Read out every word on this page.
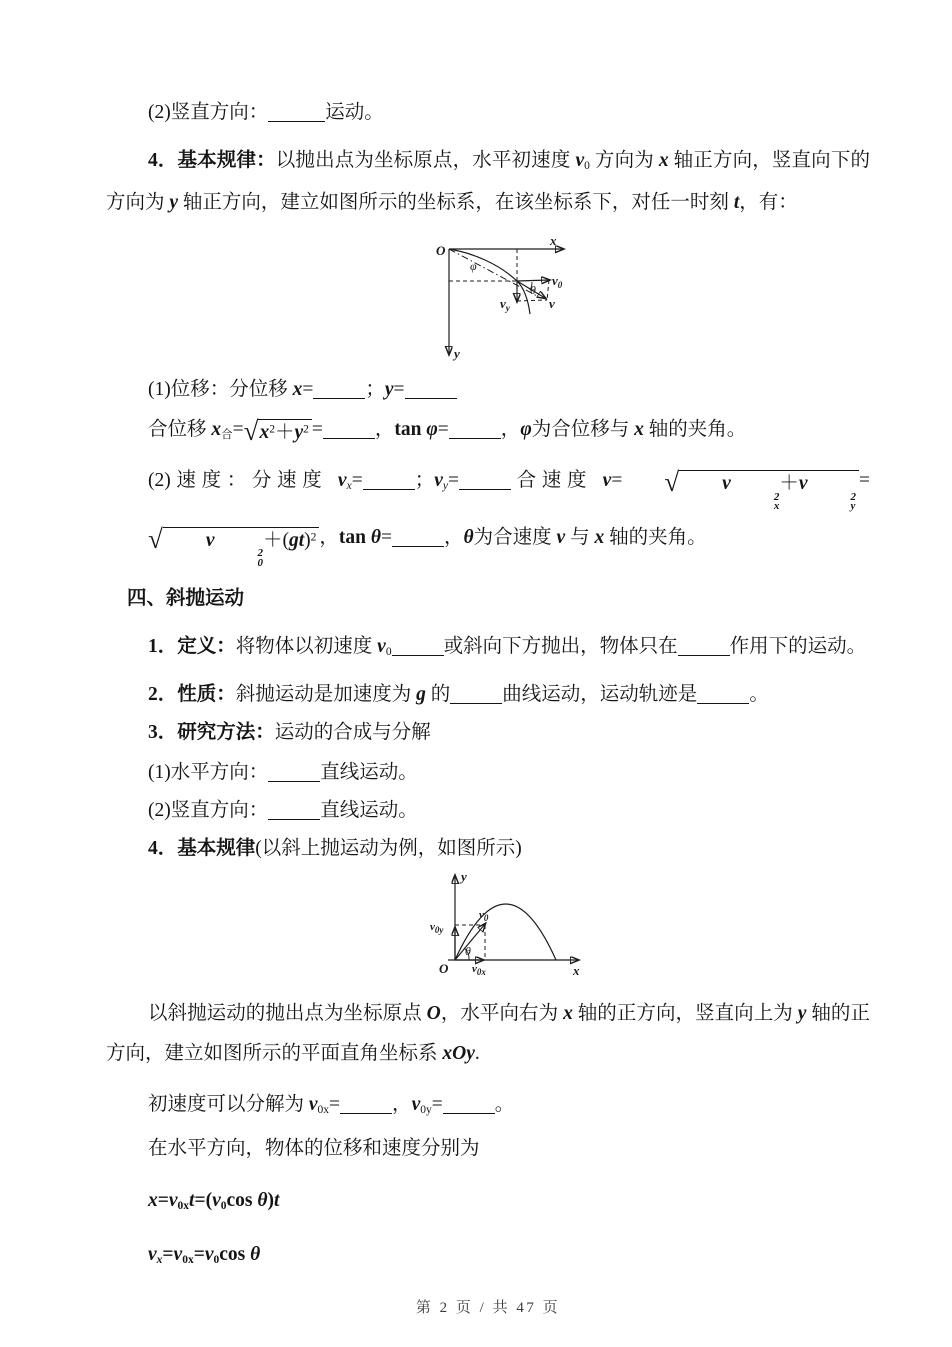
(2)竖直方向：	运动。
4．基本规律：以抛出点为坐标原点，水平初速度 $v_0$ 方向为 x 轴正方向，竖直向下的方向为 y 轴正方向，建立如图所示的坐标系，在该坐标系下，对任一时刻 t，有：
O
x
y
φ
θ
$v_0$
$v_y$	v
(1)位移：分位移 x=	；y=
合位移 $x_合=$ √ $x^2+y^2$ =	，tan φ=	，φ为合位移与 x 轴的夹角。
(2)速度：分速度 $v_x=$	；$v_y=$	合速度 v=	√	v
2
x
＋v
2
y
=
√	v
2
0
＋(gt)$^2$ ，tan θ=	，θ为合速度 v 与 x 轴的夹角。
四、斜抛运动
1．定义：将物体以初速度 $v_0$	或斜向下方抛出，物体只在	作用下的运动。
2．性质：斜抛运动是加速度为 g 的	曲线运动，运动轨迹是	。
3．研究方法：运动的合成与分解
(1)水平方向：	直线运动。
(2)竖直方向：	直线运动。
4．基本规律(以斜上抛运动为例，如图所示)
O	x
y
θ
$v_0$
$v_{0y}$
$v_{0x}$
以斜抛运动的抛出点为坐标原点 O，水平向右为 x 轴的正方向，竖直向上为 y 轴的正方向，建立如图所示的平面直角坐标系 xOy.
初速度可以分解为 $v_{0x}=$	，$v_{0y}=$	。
在水平方向，物体的位移和速度分别为
$x=v_{0x}t=(v_0\cos$ θ)t
$v_x=v_{0x}=v_0\cos$ θ
第 2 页 / 共 47 页
